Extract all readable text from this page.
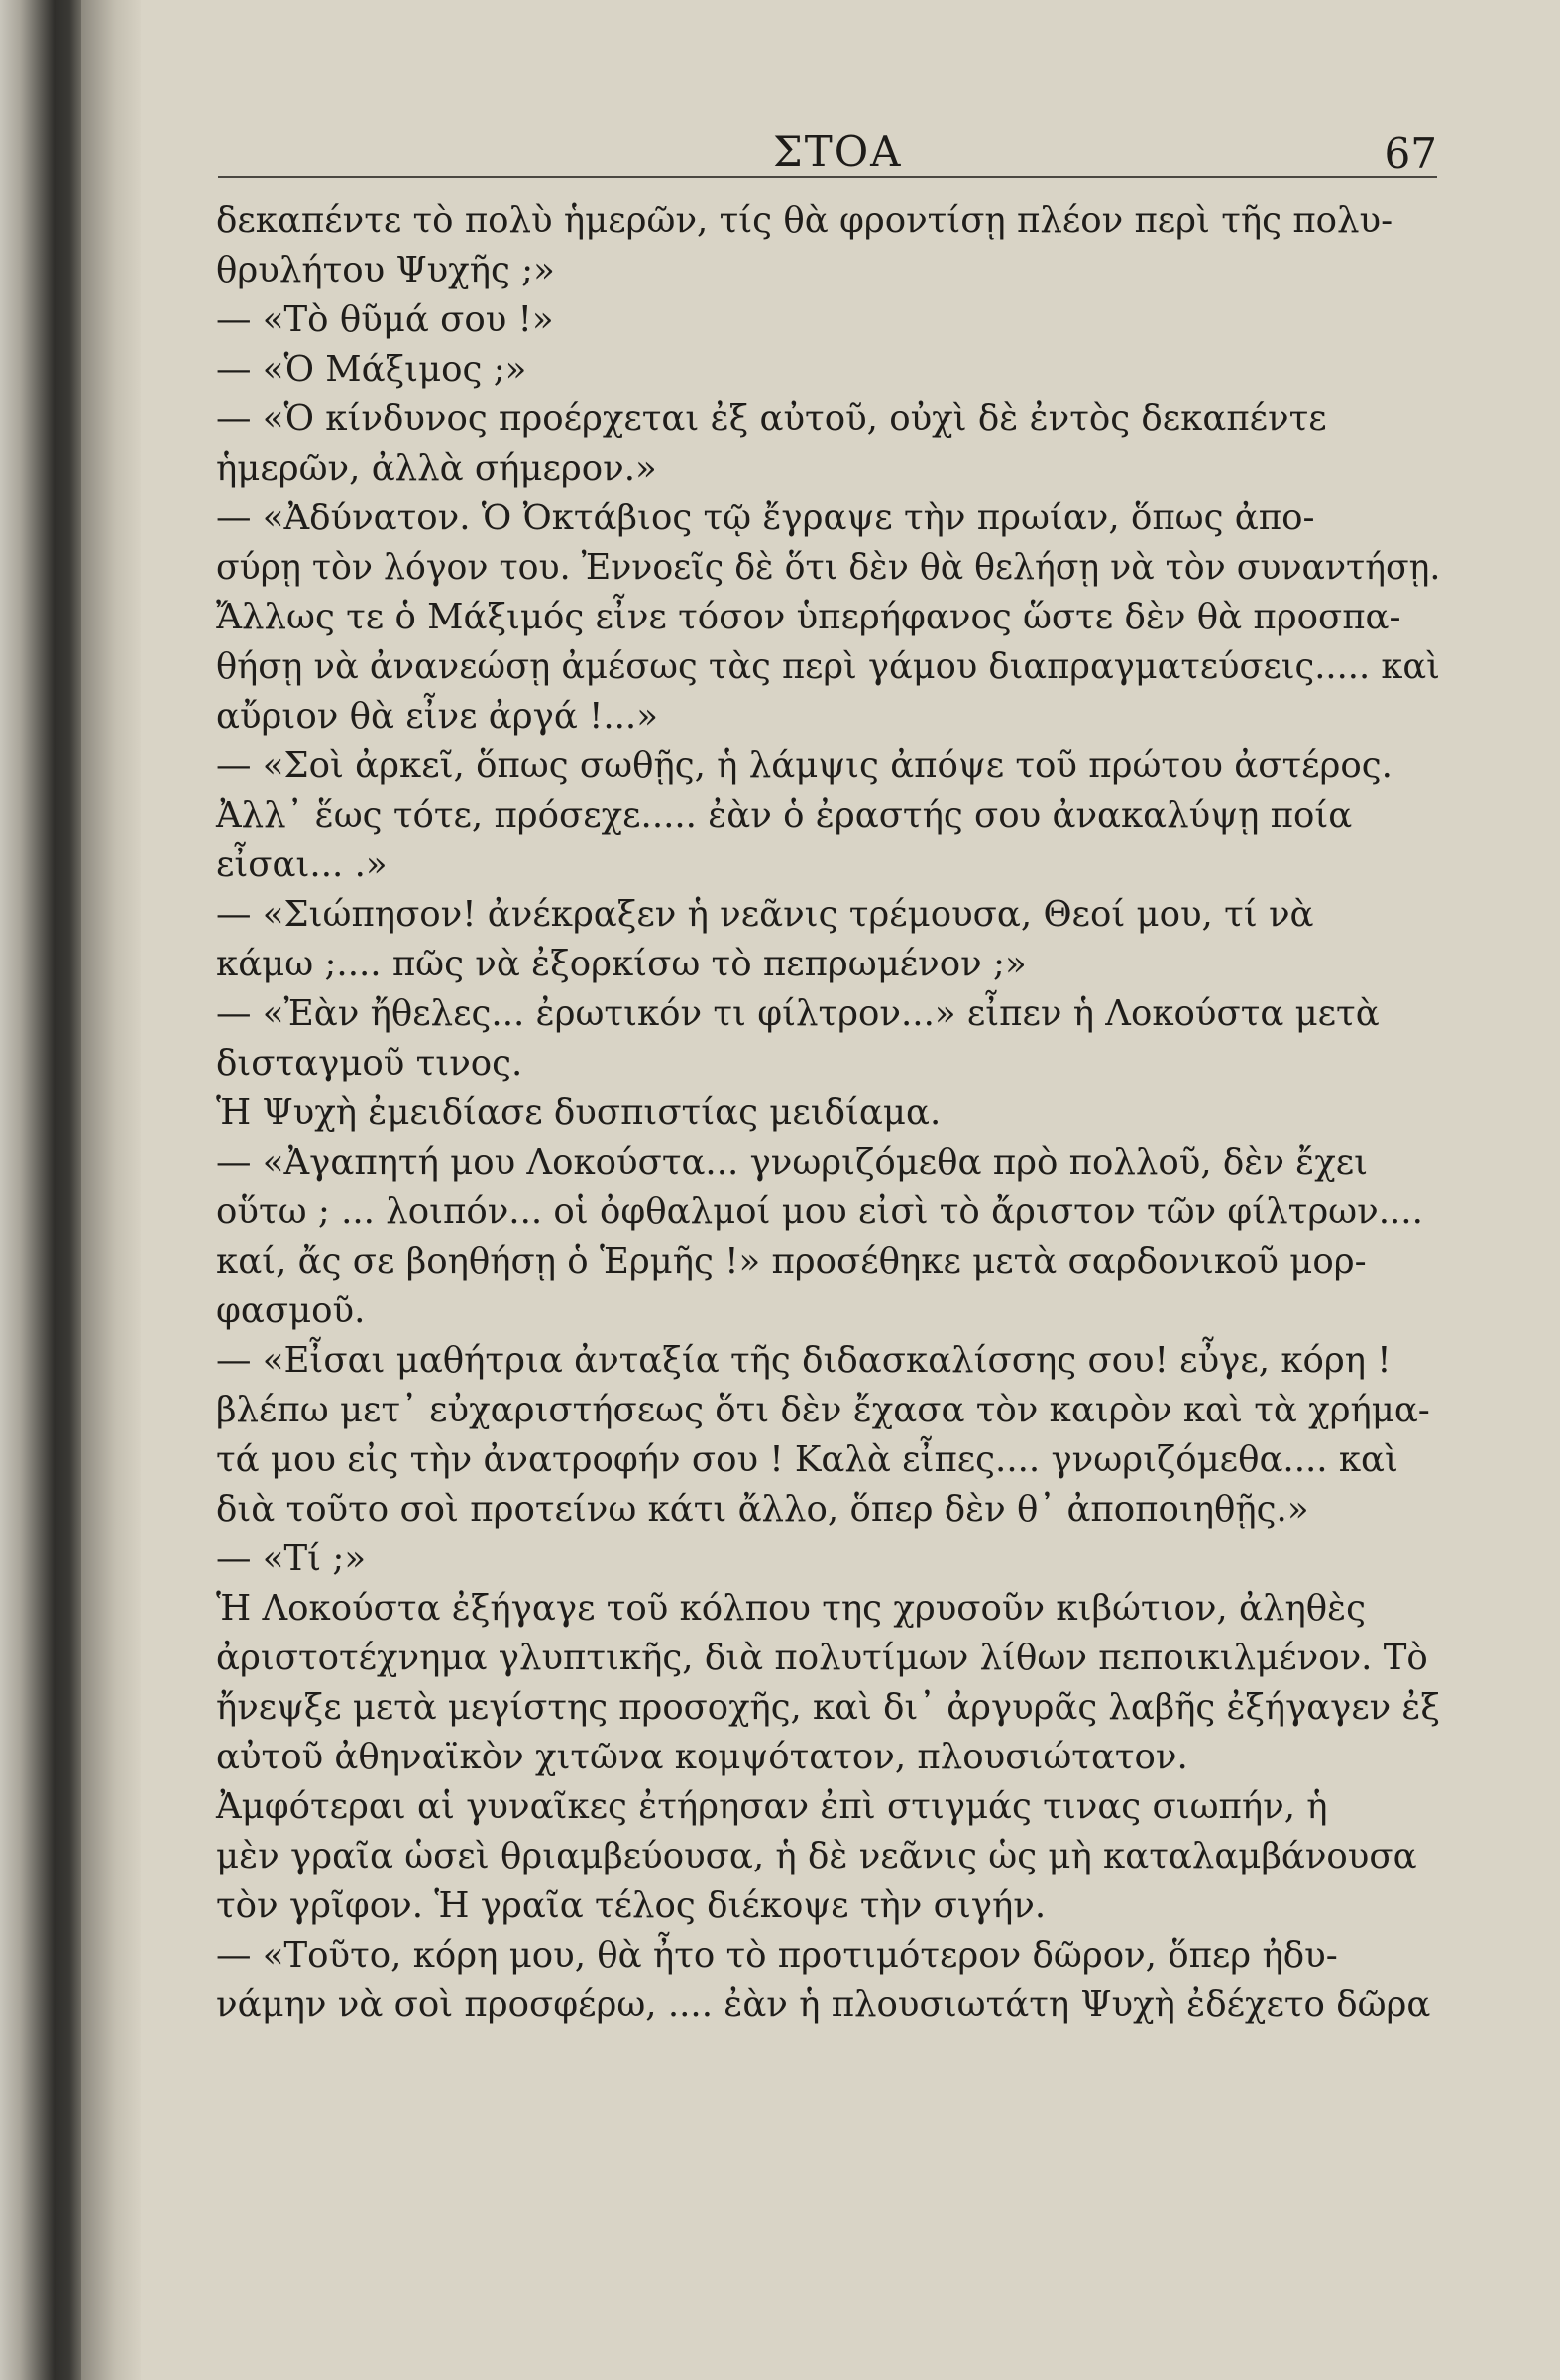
ΣΤΟΑ	67
δεκαπέντε τὸ πολὺ ἡμερῶν, τίς θὰ φροντίσῃ πλέον περὶ τῆς πολυ-
θρυλήτου Ψυχῆς ;»
— «Τὸ θῦμά σου !»
— «Ὁ Μάξιμος ;»
— «Ὁ κίνδυνος προέρχεται ἐξ αὐτοῦ, οὐχὶ δὲ ἐντὸς δεκαπέντε
ἡμερῶν, ἀλλὰ σήμερον.»
— «Ἀδύνατον. Ὁ Ὀκτάβιος τῷ ἔγραψε τὴν πρωίαν, ὅπως ἀπο-
σύρῃ τὸν λόγον του. Ἐννοεῖς δὲ ὅτι δὲν θὰ θελήσῃ νὰ τὸν συναντήσῃ.
Ἄλλως τε ὁ Μάξιμός εἶνε τόσον ὑπερήφανος ὥστε δὲν θὰ προσπα-
θήσῃ νὰ ἀνανεώσῃ ἀμέσως τὰς περὶ γάμου διαπραγματεύσεις..... καὶ
αὔριον θὰ εἶνε ἀργά !...»
— «Σοὶ ἀρκεῖ, ὅπως σωθῇς, ἡ λάμψις ἀπόψε τοῦ πρώτου ἀστέρος.
Ἀλλ᾽ ἕως τότε, πρόσεχε..... ἐὰν ὁ ἐραστής σου ἀνακαλύψῃ ποία
εἶσαι... .»
— «Σιώπησον! ἀνέκραξεν ἡ νεᾶνις τρέμουσα, Θεοί μου, τί νὰ
κάμω ;.... πῶς νὰ ἐξορκίσω τὸ πεπρωμένον ;»
— «Ἐὰν ἤθελες... ἐρωτικόν τι φίλτρον...» εἶπεν ἡ Λοκούστα μετὰ
δισταγμοῦ τινος.
Ἡ Ψυχὴ ἐμειδίασε δυσπιστίας μειδίαμα.
— «Ἀγαπητή μου Λοκούστα... γνωριζόμεθα πρὸ πολλοῦ, δὲν ἔχει
οὕτω ; ... λοιπόν... οἱ ὀφθαλμοί μου εἰσὶ τὸ ἄριστον τῶν φίλτρων....
καί, ἄς σε βοηθήσῃ ὁ Ἑρμῆς !» προσέθηκε μετὰ σαρδονικοῦ μορ-
φασμοῦ.
— «Εἶσαι μαθήτρια ἀνταξία τῆς διδασκαλίσσης σου! εὖγε, κόρη !
βλέπω μετ᾽ εὐχαριστήσεως ὅτι δὲν ἔχασα τὸν καιρὸν καὶ τὰ χρήμα-
τά μου εἰς τὴν ἀνατροφήν σου ! Καλὰ εἶπες.... γνωριζόμεθα.... καὶ
διὰ τοῦτο σοὶ προτείνω κάτι ἄλλο, ὅπερ δὲν θ᾽ ἀποποιηθῇς.»
— «Τί ;»
Ἡ Λοκούστα ἐξήγαγε τοῦ κόλπου της χρυσοῦν κιβώτιον, ἀληθὲς
ἀριστοτέχνημα γλυπτικῆς, διὰ πολυτίμων λίθων πεποικιλμένον. Τὸ
ἤνεψξε μετὰ μεγίστης προσοχῆς, καὶ δι᾽ ἀργυρᾶς λαβῆς ἐξήγαγεν ἐξ
αὐτοῦ ἀθηναϊκὸν χιτῶνα κομψότατον, πλουσιώτατον.
Ἀμφότεραι αἱ γυναῖκες ἐτήρησαν ἐπὶ στιγμάς τινας σιωπήν, ἡ
μὲν γραῖα ὡσεὶ θριαμβεύουσα, ἡ δὲ νεᾶνις ὡς μὴ καταλαμβάνουσα
τὸν γρῖφον. Ἡ γραῖα τέλος διέκοψε τὴν σιγήν.
— «Τοῦτο, κόρη μου, θὰ ἦτο τὸ προτιμότερον δῶρον, ὅπερ ἠδυ-
νάμην νὰ σοὶ προσφέρω, .... ἐὰν ἡ πλουσιωτάτη Ψυχὴ ἐδέχετο δῶρα
